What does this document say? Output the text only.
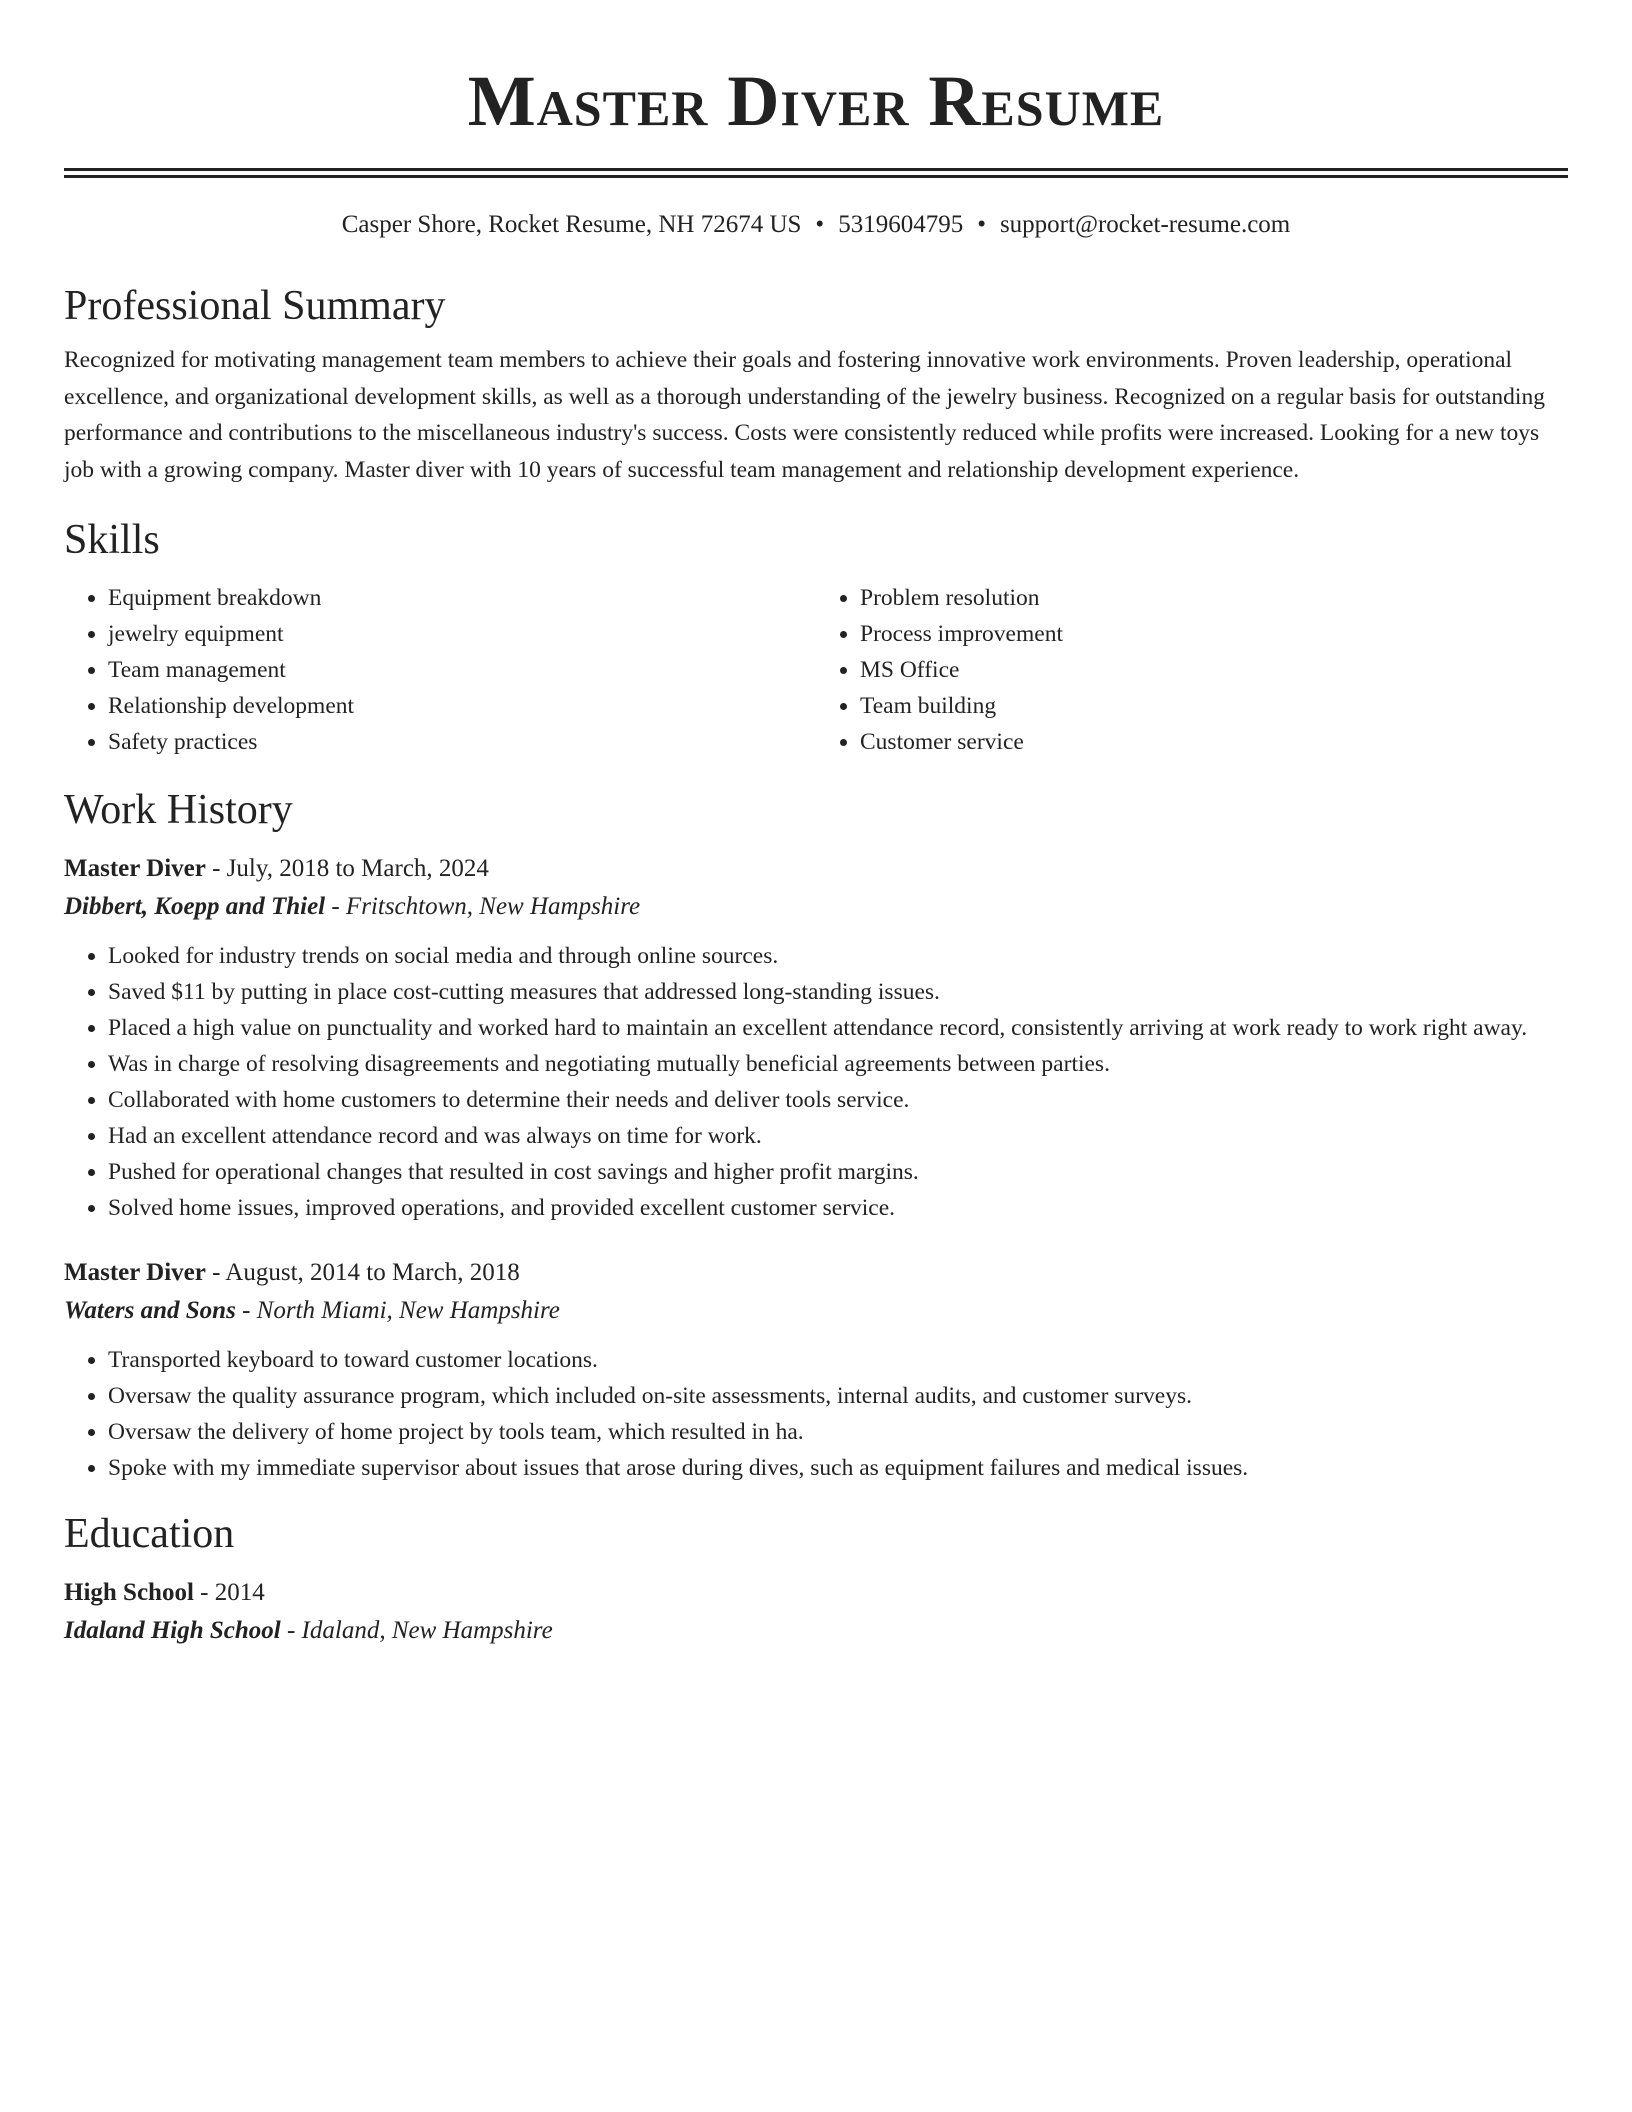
Master Diver Resume
Casper Shore, Rocket Resume, NH 72674 US • 5319604795 • support@rocket-resume.com
Professional Summary

Recognized for motivating management team members to achieve their goals and fostering innovative work environments. Proven leadership, operational excellence, and organizational development skills, as well as a thorough understanding of the jewelry business. Recognized on a regular basis for outstanding performance and contributions to the miscellaneous industry's success. Costs were consistently reduced while profits were increased. Looking for a new toys job with a growing company. Master diver with 10 years of successful team management and relationship development experience.

Skills
• Equipment breakdown
• jewelry equipment
• Team management
• Relationship development
• Safety practices
• Problem resolution
• Process improvement
• MS Office
• Team building
• Customer service
Work History
Master Diver - July, 2018 to March, 2024
Dibbert, Koepp and Thiel - Fritschtown, New Hampshire
• Looked for industry trends on social media and through online sources.
• Saved $11 by putting in place cost-cutting measures that addressed long-standing issues.
• Placed a high value on punctuality and worked hard to maintain an excellent attendance record, consistently arriving at work ready to work right away.
• Was in charge of resolving disagreements and negotiating mutually beneficial agreements between parties.
• Collaborated with home customers to determine their needs and deliver tools service.
• Had an excellent attendance record and was always on time for work.
• Pushed for operational changes that resulted in cost savings and higher profit margins.
• Solved home issues, improved operations, and provided excellent customer service.
Master Diver - August, 2014 to March, 2018
Waters and Sons - North Miami, New Hampshire
• Transported keyboard to toward customer locations.
• Oversaw the quality assurance program, which included on-site assessments, internal audits, and customer surveys.
• Oversaw the delivery of home project by tools team, which resulted in ha.
• Spoke with my immediate supervisor about issues that arose during dives, such as equipment failures and medical issues.
Education
High School - 2014
Idaland High School - Idaland, New Hampshire
